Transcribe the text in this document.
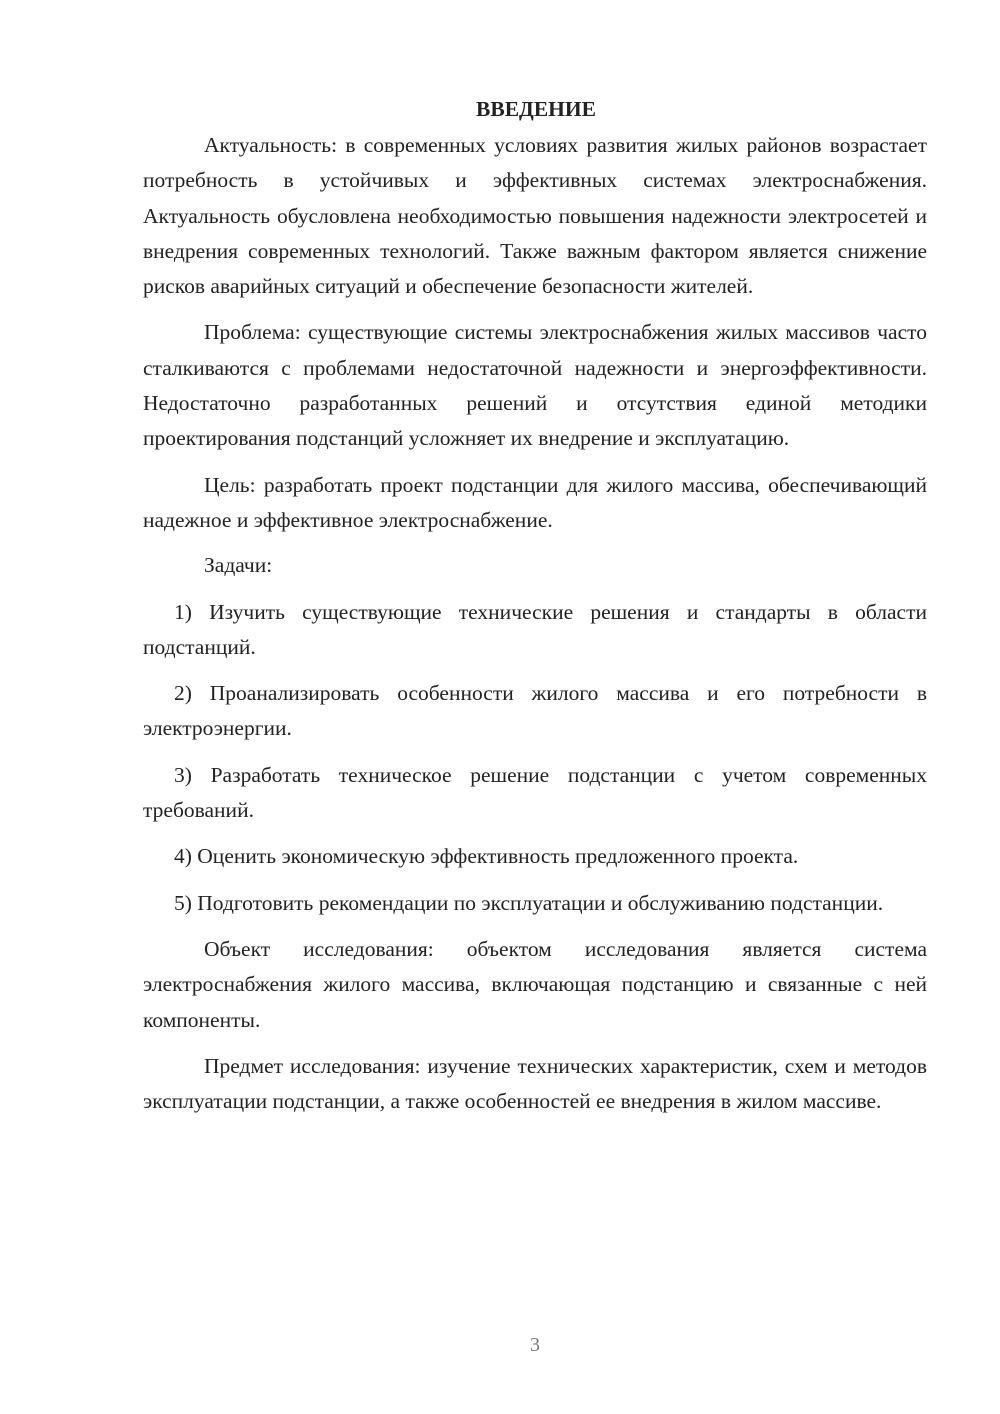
ВВЕДЕНИЕ

Актуальность: в современных условиях развития жилых районов возрастает потребность в устойчивых и эффективных системах электроснабжения. Актуальность обусловлена необходимостью повышения надежности электросетей и внедрения современных технологий. Также важным фактором является снижение рисков аварийных ситуаций и обеспечение безопасности жителей.

Проблема: существующие системы электроснабжения жилых массивов часто сталкиваются с проблемами недостаточной надежности и энергоэффективности. Недостаточно разработанных решений и отсутствия единой методики проектирования подстанций усложняет их внедрение и эксплуатацию.

Цель: разработать проект подстанции для жилого массива, обеспечивающий надежное и эффективное электроснабжение.

Задачи:

1) Изучить существующие технические решения и стандарты в области подстанций.

2) Проанализировать особенности жилого массива и его потребности в электроэнергии.

3) Разработать техническое решение подстанции с учетом современных требований.

4) Оценить экономическую эффективность предложенного проекта.

5) Подготовить рекомендации по эксплуатации и обслуживанию подстанции.

Объект исследования: объектом исследования является система электроснабжения жилого массива, включающая подстанцию и связанные с ней компоненты.

Предмет исследования: изучение технических характеристик, схем и методов эксплуатации подстанции, а также особенностей ее внедрения в жилом массиве.

3
